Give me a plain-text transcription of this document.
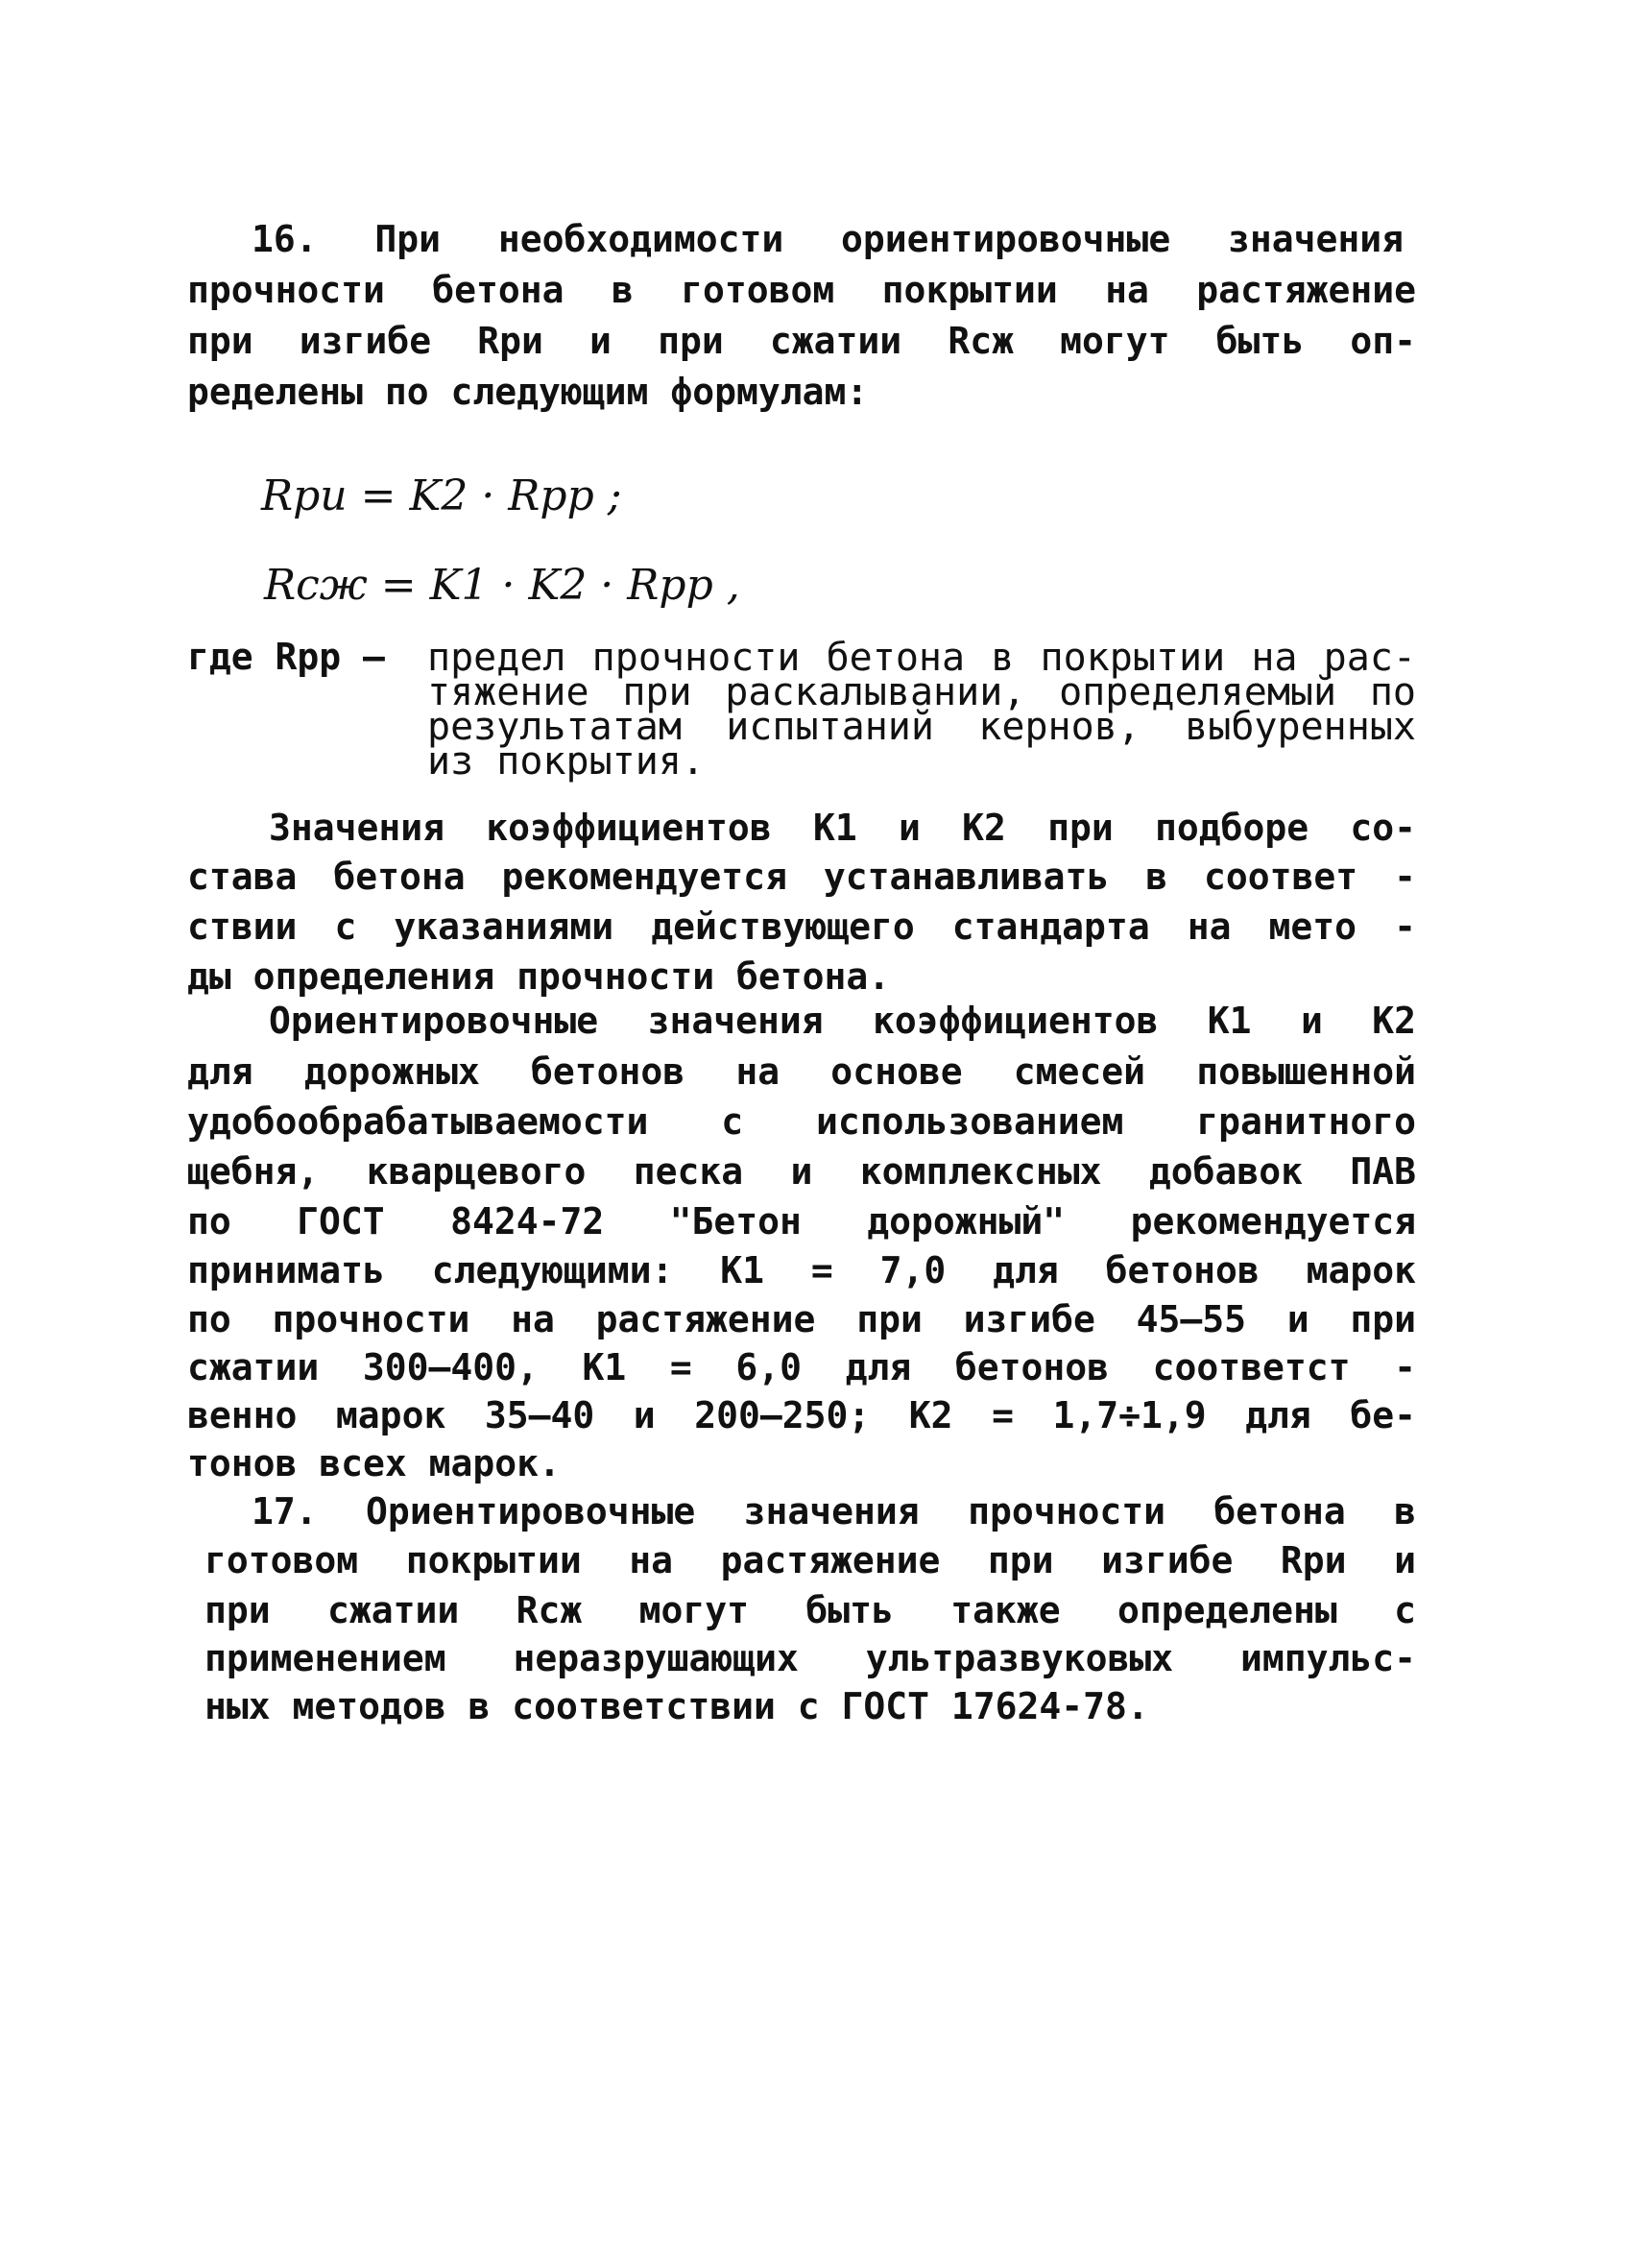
16. При необходимости ориентировочные значения
прочности бетона в готовом покрытии на растяжение
при изгибе Rри и при сжатии Rсж могут быть оп-
ределены по следующим формулам:
Rри = K2 · Rрр ;
Rсж = K1 · K2 · Rрр ,
где Rрр – предел прочности бетона в покрытии на рас-
тяжение при раскалывании, определяемый по
результатам испытаний кернов, выбуренных
из покрытия.
Значения коэффициентов K1 и K2 при подборе со-
става бетона рекомендуется устанавливать в соответ -
ствии с указаниями действующего стандарта на мето -
ды определения прочности бетона.
Ориентировочные значения коэффициентов K1 и K2
для дорожных бетонов на основе смесей повышенной
удобообрабатываемости с использованием гранитного
щебня, кварцевого песка и комплексных добавок ПАВ
по ГОСТ 8424-72 "Бетон дорожный" рекомендуется
принимать следующими: K1 = 7,0 для бетонов марок
по прочности на растяжение при изгибе 45–55 и при
сжатии 300–400, K1 = 6,0 для бетонов соответст -
венно марок 35–40 и 200–250; K2 = 1,7÷1,9 для бе-
тонов всех марок.
17. Ориентировочные значения прочности бетона в
готовом покрытии на растяжение при изгибе Rри и
при сжатии Rсж могут быть также определены с
применением неразрушающих ультразвуковых импульс-
ных методов в соответствии с ГОСТ 17624-78.
